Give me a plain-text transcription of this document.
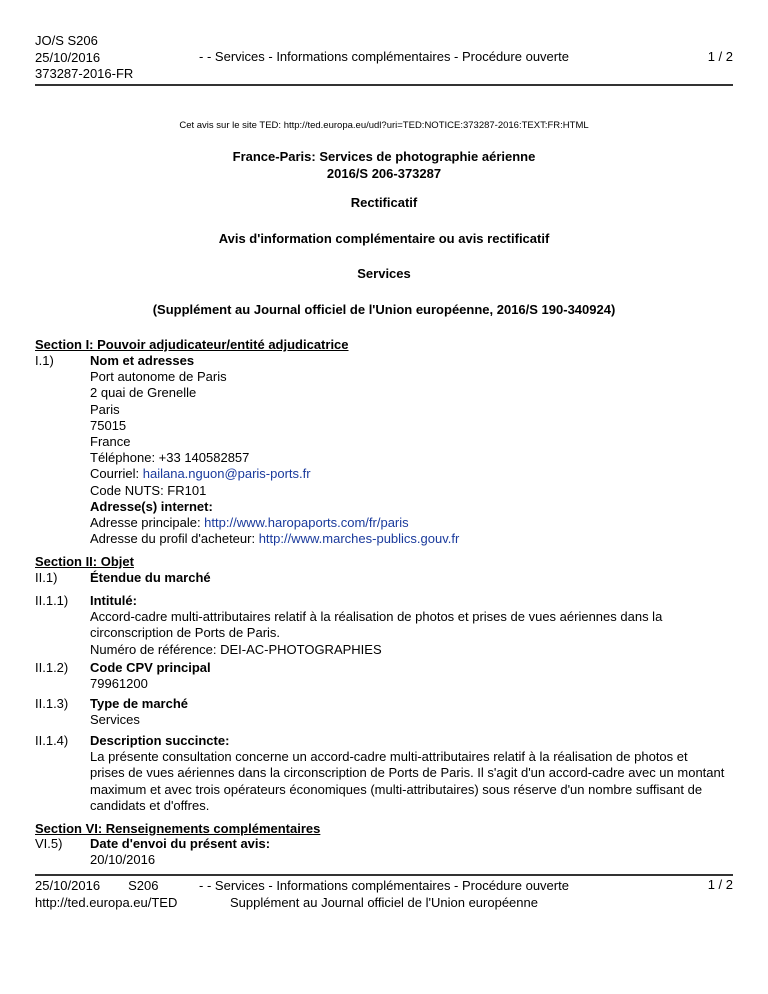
JO/S S206
25/10/2016
373287-2016-FR
- - Services - Informations complémentaires - Procédure ouverte	1 / 2
Cet avis sur le site TED: http://ted.europa.eu/udl?uri=TED:NOTICE:373287-2016:TEXT:FR:HTML
France-Paris: Services de photographie aérienne
2016/S 206-373287
Rectificatif
Avis d'information complémentaire ou avis rectificatif
Services
(Supplément au Journal officiel de l'Union européenne, 2016/S 190-340924)
Section I: Pouvoir adjudicateur/entité adjudicatrice
I.1)	Nom et adresses
Port autonome de Paris
2 quai de Grenelle
Paris
75015
France
Téléphone: +33 140582857
Courriel: hailana.nguon@paris-ports.fr
Code NUTS: FR101
Adresse(s) internet:
Adresse principale: http://www.haropaports.com/fr/paris
Adresse du profil d'acheteur: http://www.marches-publics.gouv.fr
Section II: Objet
II.1)	Étendue du marché
II.1.1) Intitulé:
Accord-cadre multi-attributaires relatif à la réalisation de photos et prises de vues aériennes dans la
circonscription de Ports de Paris.
Numéro de référence: DEI-AC-PHOTOGRAPHIES
II.1.2) Code CPV principal
79961200
II.1.3) Type de marché
Services
II.1.4) Description succincte:
La présente consultation concerne un accord-cadre multi-attributaires relatif à la réalisation de photos et
prises de vues aériennes dans la circonscription de Ports de Paris. Il s'agit d'un accord-cadre avec un montant
maximum et avec trois opérateurs économiques (multi-attributaires) sous réserve d'un nombre suffisant de
candidats et d'offres.
Section VI: Renseignements complémentaires
VI.5) Date d'envoi du présent avis:
20/10/2016
25/10/2016 S206
http://ted.europa.eu/TED
- - Services - Informations complémentaires - Procédure ouverte
Supplément au Journal officiel de l'Union européenne
1 / 2
